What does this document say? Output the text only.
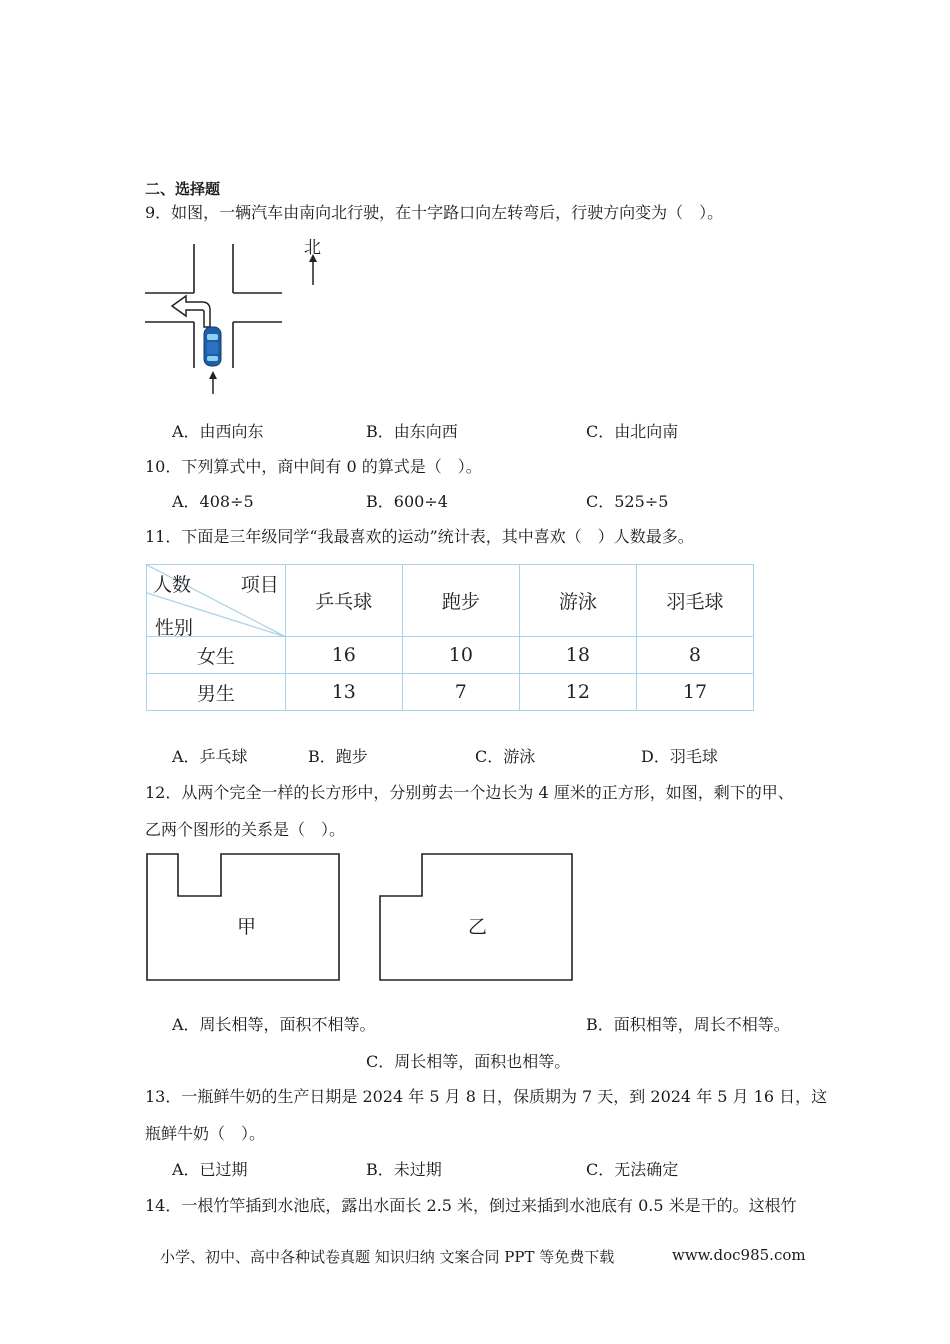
二、选择题
9．如图，一辆汽车由南向北行驶，在十字路口向左转弯后，行驶方向变为（　）。
北
A．由西向东	B．由东向西	C．由北向南
10．下列算式中，商中间有 0 的算式是（　）。
A．408÷5	B．600÷4	C．525÷5
11．下面是三年级同学“我最喜欢的运动”统计表，其中喜欢（　）人数最多。
人数 项目
性别	乒乓球	跑步	游泳	羽毛球
女生	16	10	18	8
男生	13	7	12	17
A．乒乓球	B．跑步	C．游泳	D．羽毛球
12．从两个完全一样的长方形中，分别剪去一个边长为 4 厘米的正方形，如图，剩下的甲、
乙两个图形的关系是（　）。
甲	乙
A．周长相等，面积不相等。	B．面积相等，周长不相等。
C．周长相等，面积也相等。
13．一瓶鲜牛奶的生产日期是 2024 年 5 月 8 日，保质期为 7 天，到 2024 年 5 月 16 日，这
瓶鲜牛奶（　）。
A．已过期	B．未过期	C．无法确定
14．一根竹竿插到水池底，露出水面长 2.5 米，倒过来插到水池底有 0.5 米是干的。这根竹
小学、初中、高中各种试卷真题 知识归纳 文案合同 PPT 等免费下载	www.doc985.com
